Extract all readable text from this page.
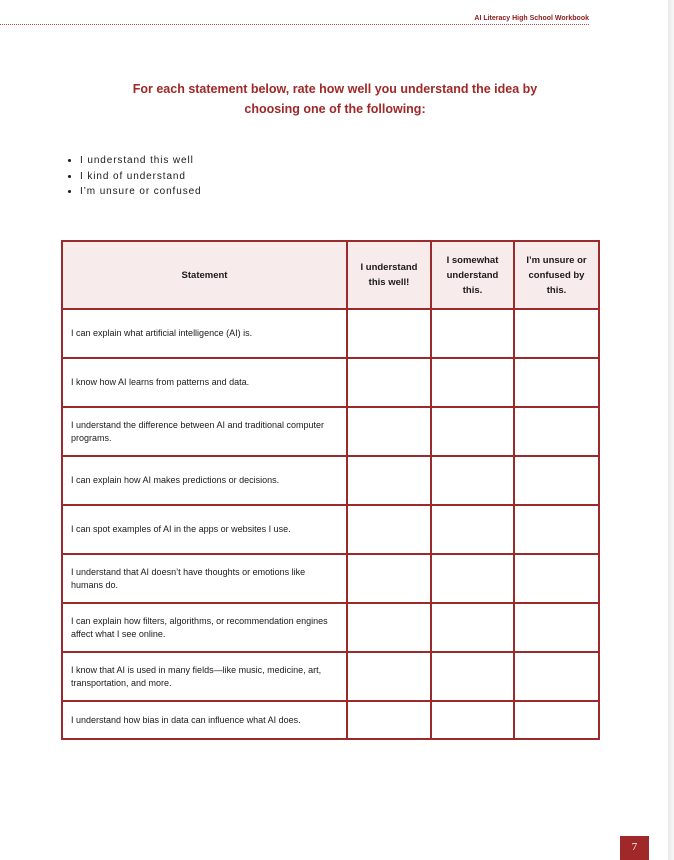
AI Literacy High School Workbook
For each statement below, rate how well you understand the idea by
choosing one of the following:
• I understand this well
• I kind of understand
• I’m unsure or confused
Statement	I understand this well!	I somewhat understand this.	I’m unsure or confused by this.
I can explain what artificial intelligence (AI) is.			
I know how AI learns from patterns and data.			
I understand the difference between AI and traditional computer programs.			
I can explain how AI makes predictions or decisions.			
I can spot examples of AI in the apps or websites I use.			
I understand that AI doesn’t have thoughts or emotions like humans do.			
I can explain how filters, algorithms, or recommendation engines affect what I see online.			
I know that AI is used in many fields—like music, medicine, art, transportation, and more.			
I understand how bias in data can influence what AI does.			
7
